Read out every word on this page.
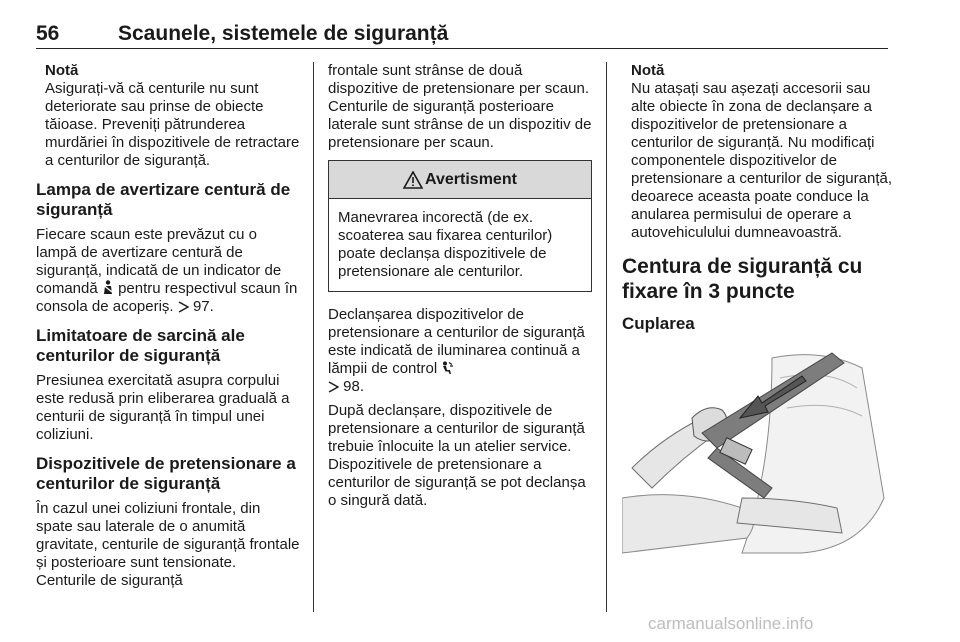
56	Scaunele, sistemele de siguranță

Notă

Asigurați-vă că centurile nu sunt deteriorate sau prinse de obiecte tăioase. Preveniți pătrunderea murdăriei în dispozitivele de retractare a centurilor de siguranță.

Lampa de avertizare centură de siguranță

Fiecare scaun este prevăzut cu o lampă de avertizare centură de siguranță, indicată de un indicator de comandă pentru respectivul scaun în consola de acoperiș. 97.

Limitatoare de sarcină ale centurilor de siguranță

Presiunea exercitată asupra corpului este redusă prin eliberarea graduală a centurii de siguranță în timpul unei coliziuni.

Dispozitivele de pretensionare a centurilor de siguranță

În cazul unei coliziuni frontale, din spate sau laterale de o anumită gravitate, centurile de siguranță frontale și posterioare sunt tensionate. Centurile de siguranță

frontale sunt strânse de două dispozitive de pretensionare per scaun. Centurile de siguranță posterioare laterale sunt strânse de un dispozitiv de pretensionare per scaun.

Avertisment

Manevrarea incorectă (de ex. scoaterea sau fixarea centurilor) poate declanșa dispozitivele de pretensionare ale centurilor.

Declanșarea dispozitivelor de pretensionare a centurilor de siguranță este indicată de iluminarea continuă a lămpii de control
98.

După declanșare, dispozitivele de pretensionare a centurilor de siguranță trebuie înlocuite la un atelier service. Dispozitivele de pretensionare a centurilor de siguranță se pot declanșa o singură dată.

Notă

Nu atașați sau așezați accesorii sau alte obiecte în zona de declanșare a dispozitivelor de pretensionare a centurilor de siguranță. Nu modificați componentele dispozitivelor de pretensionare a centurilor de siguranță, deoarece aceasta poate conduce la anularea permisului de operare a autovehiculului dumneavoastră.

Centura de siguranță cu fixare în 3 puncte
Cuplarea
carmanualsonline.info
